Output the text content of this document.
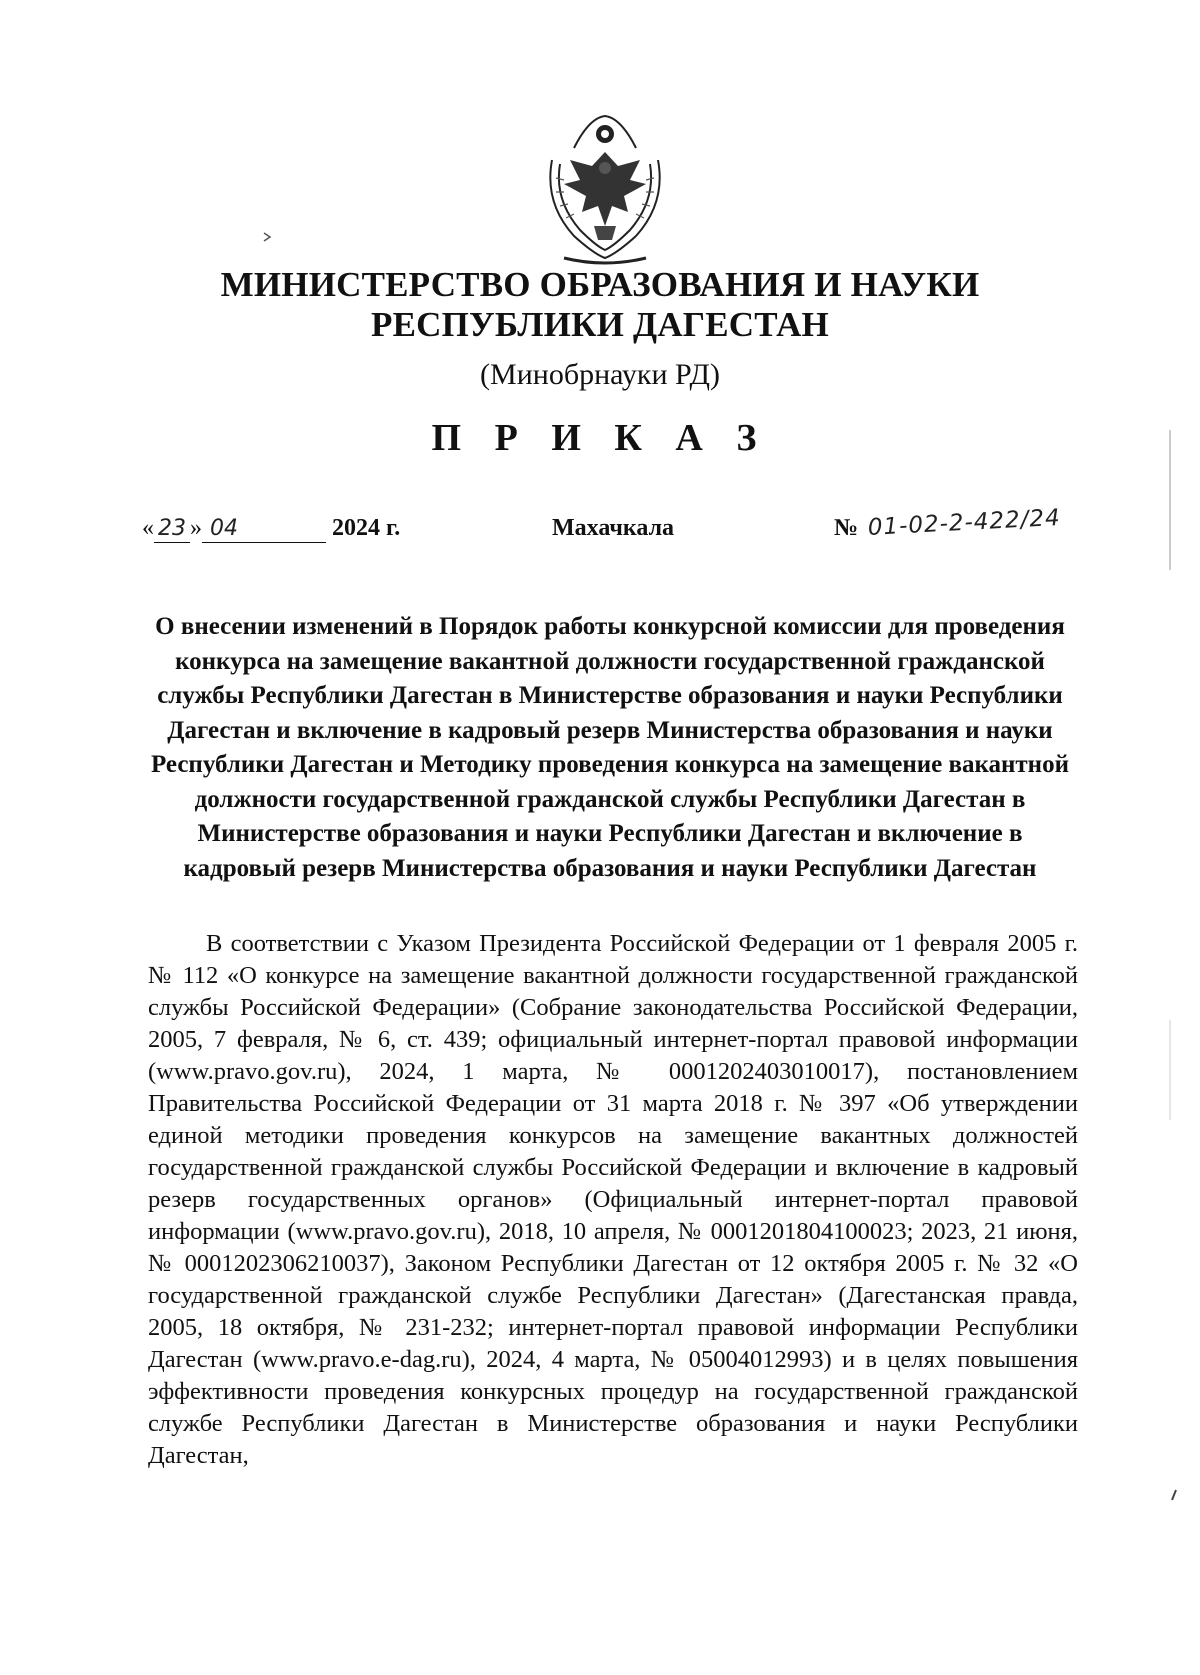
МИНИСТЕРСТВО ОБРАЗОВАНИЯ И НАУКИ
РЕСПУБЛИКИ ДАГЕСТАН
(Минобрнауки РД)
П Р И К А З
« 23 » 04	2024 г.	Махачкала	№ 01-02-2-422/24
О внесении изменений в Порядок работы конкурсной комиссии для проведения конкурса на замещение вакантной должности государственной гражданской службы Республики Дагестан в Министерстве образования и науки Республики Дагестан и включение в кадровый резерв Министерства образования и науки Республики Дагестан и Методику проведения конкурса на замещение вакантной должности государственной гражданской службы Республики Дагестан в Министерстве образования и науки Республики Дагестан и включение в кадровый резерв Министерства образования и науки Республики Дагестан

В соответствии с Указом Президента Российской Федерации от 1 февраля 2005 г. № 112 «О конкурсе на замещение вакантной должности государственной гражданской службы Российской Федерации» (Собрание законодательства Российской Федерации, 2005, 7 февраля, № 6, ст. 439; официальный интернет-портал правовой информации (www.pravo.gov.ru), 2024, 1 марта, № 0001202403010017), постановлением Правительства Российской Федерации от 31 марта 2018 г. № 397 «Об утверждении единой методики проведения конкурсов на замещение вакантных должностей государственной гражданской службы Российской Федерации и включение в кадровый резерв государственных органов» (Официальный интернет-портал правовой информации (www.pravo.gov.ru), 2018, 10 апреля, № 0001201804100023; 2023, 21 июня, № 0001202306210037), Законом Республики Дагестан от 12 октября 2005 г. № 32 «О государственной гражданской службе Республики Дагестан» (Дагестанская правда, 2005, 18 октября, № 231-232; интернет-портал правовой информации Республики Дагестан (www.pravo.e-dag.ru), 2024, 4 марта, № 05004012993) и в целях повышения эффективности проведения конкурсных процедур на государственной гражданской службе Республики Дагестан в Министерстве образования и науки Республики Дагестан,
